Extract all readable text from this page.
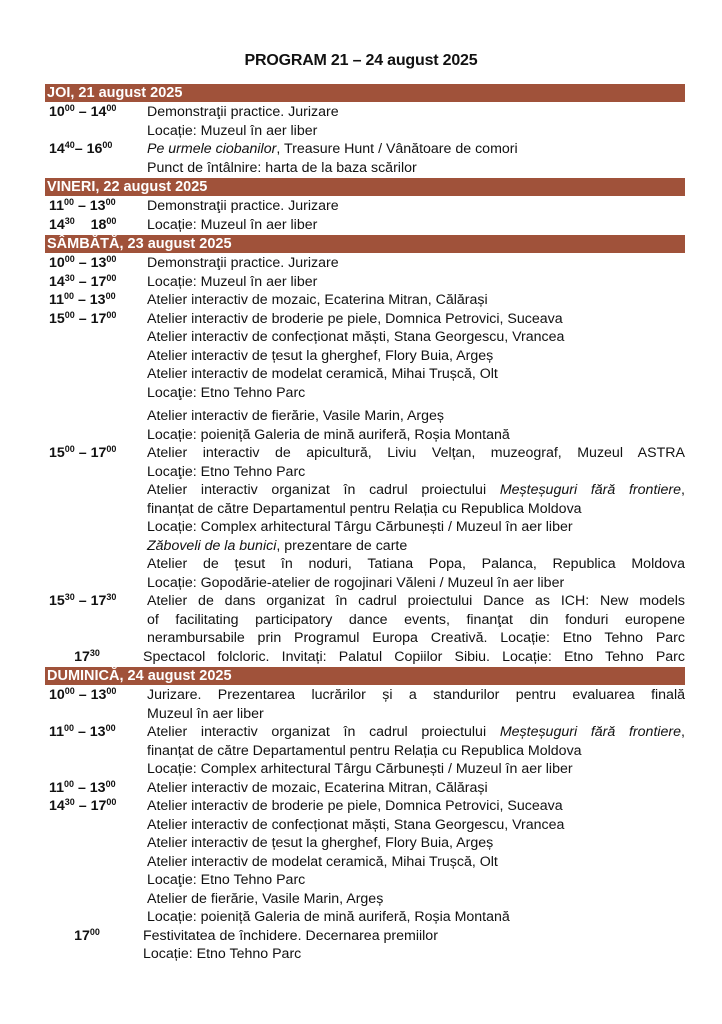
PROGRAM 21 – 24 august 2025
JOI, 21 august 2025
$10^{00} - 14^{00}$	Demonstraţii practice. Jurizare
Locație: Muzeul în aer liber
$14^{40}-$ $16^{00}$	Pe urmele ciobanilor, Treasure Hunt / Vânătoare de comori
Punct de întâlnire: harta de la baza scărilor
VINERI, 22 august 2025
$11^{00} - 13^{00}$	Demonstraţii practice. Jurizare
$14^{30}$ $18^{00}$	Locație: Muzeul în aer liber
SÂMBĂTĂ, 23 august 2025
$10^{00} - 13^{00}$	Demonstraţii practice. Jurizare
$14^{30} - 17^{00}$	Locație: Muzeul în aer liber
$11^{00} - 13^{00}$	Atelier interactiv de mozaic, Ecaterina Mitran, Călărași
$15^{00} - 17^{00}$	Atelier interactiv de broderie pe piele, Domnica Petrovici, Suceava
Atelier interactiv de confecționat măști, Stana Georgescu, Vrancea
Atelier interactiv de țesut la gherghef, Flory Buia, Argeș
Atelier interactiv de modelat ceramică, Mihai Trușcă, Olt
Locaţie: Etno Tehno Parc
Atelier interactiv de fierărie, Vasile Marin, Argeș
Locație: poieniță Galeria de mină auriferă, Roșia Montană
$15^{00} - 17^{00}$	Atelier interactiv de apicultură, Liviu Velțan, muzeograf, Muzeul ASTRA
Locaţie: Etno Tehno Parc
Atelier interactiv organizat în cadrul proiectului Meșteșuguri fără frontiere,
finanțat de către Departamentul pentru Relația cu Republica Moldova
Locație: Complex arhitectural Târgu Cărbunești / Muzeul în aer liber
Zăboveli de la bunici, prezentare de carte
Atelier de țesut în noduri, Tatiana Popa, Palanca, Republica Moldova
Locație: Gopodărie-atelier de rogojinari Văleni / Muzeul în aer liber
$15^{30} - 17^{30}$	Atelier de dans organizat în cadrul proiectului Dance as ICH: New models
of facilitating participatory dance events, finanţat din fonduri europene
nerambursabile prin Programul Europa Creativă. Locație: Etno Tehno Parc
$17^{30}$	Spectacol folcloric. Invitați: Palatul Copiilor Sibiu. Locație: Etno Tehno Parc
DUMINICĂ, 24 august 2025
$10^{00} - 13^{00}$	Jurizare. Prezentarea lucrărilor și a standurilor pentru evaluarea finală
Muzeul în aer liber
$11^{00} - 13^{00}$	Atelier interactiv organizat în cadrul proiectului Meșteșuguri fără frontiere,
finanțat de către Departamentul pentru Relația cu Republica Moldova
Locație: Complex arhitectural Târgu Cărbunești / Muzeul în aer liber
$11^{00} - 13^{00}$	Atelier interactiv de mozaic, Ecaterina Mitran, Călărași
$14^{30} - 17^{00}$	Atelier interactiv de broderie pe piele, Domnica Petrovici, Suceava
Atelier interactiv de confecționat măști, Stana Georgescu, Vrancea
Atelier interactiv de țesut la gherghef, Flory Buia, Argeș
Atelier interactiv de modelat ceramică, Mihai Trușcă, Olt
Locaţie: Etno Tehno Parc
Atelier de fierărie, Vasile Marin, Argeș
Locație: poieniță Galeria de mină auriferă, Roșia Montană
$17^{00}$	Festivitatea de închidere. Decernarea premiilor
Locație: Etno Tehno Parc
